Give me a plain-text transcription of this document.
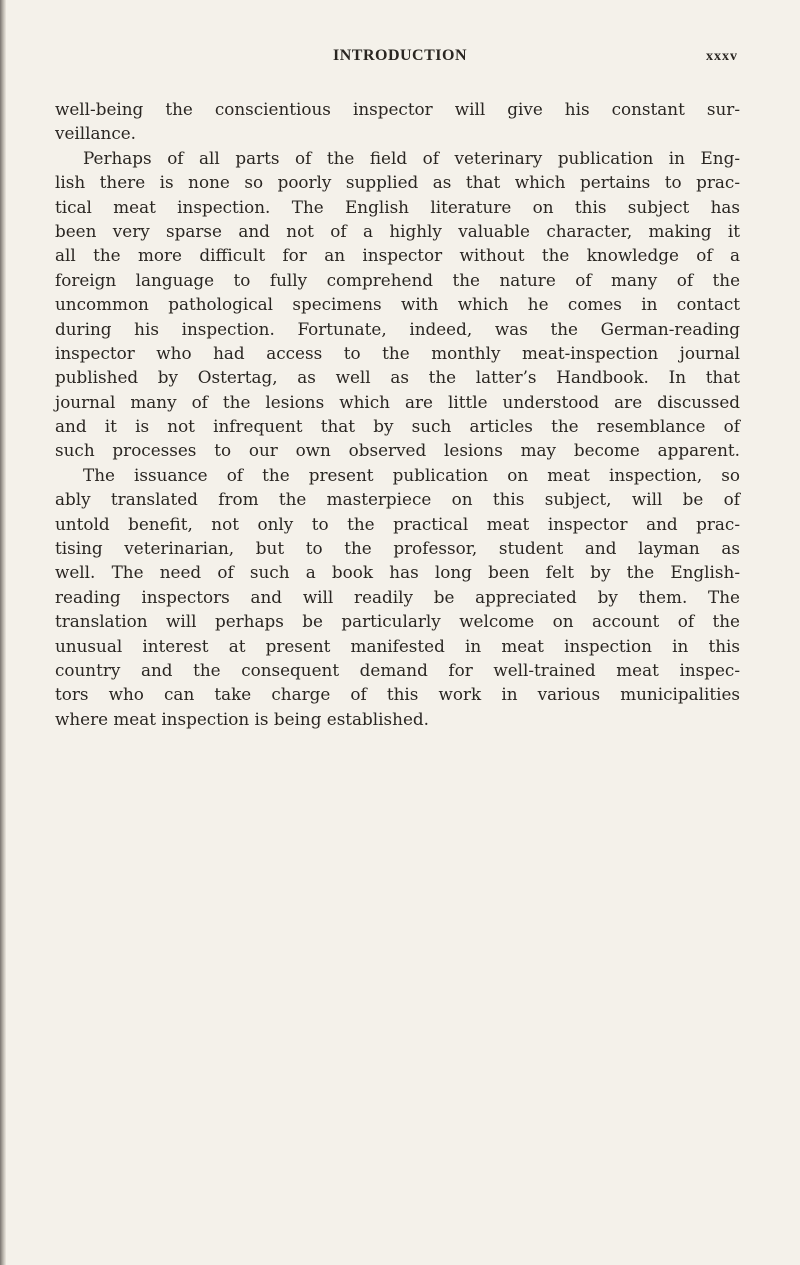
INTRODUCTION	xxxv
well-being the conscientious inspector will give his constant sur-
veillance.
Perhaps of all parts of the field of veterinary publication in Eng-
lish there is none so poorly supplied as that which pertains to prac-
tical meat inspection. The English literature on this subject has
been very sparse and not of a highly valuable character, making it
all the more difficult for an inspector without the knowledge of a
foreign language to fully comprehend the nature of many of the
uncommon pathological specimens with which he comes in contact
during his inspection. Fortunate, indeed, was the German-reading
inspector who had access to the monthly meat-inspection journal
published by Ostertag, as well as the latter’s Handbook. In that
journal many of the lesions which are little understood are discussed
and it is not infrequent that by such articles the resemblance of
such processes to our own observed lesions may become apparent.
The issuance of the present publication on meat inspection, so
ably translated from the masterpiece on this subject, will be of
untold benefit, not only to the practical meat inspector and prac-
tising veterinarian, but to the professor, student and layman as
well. The need of such a book has long been felt by the English-
reading inspectors and will readily be appreciated by them. The
translation will perhaps be particularly welcome on account of the
unusual interest at present manifested in meat inspection in this
country and the consequent demand for well-trained meat inspec-
tors who can take charge of this work in various municipalities
where meat inspection is being established.
